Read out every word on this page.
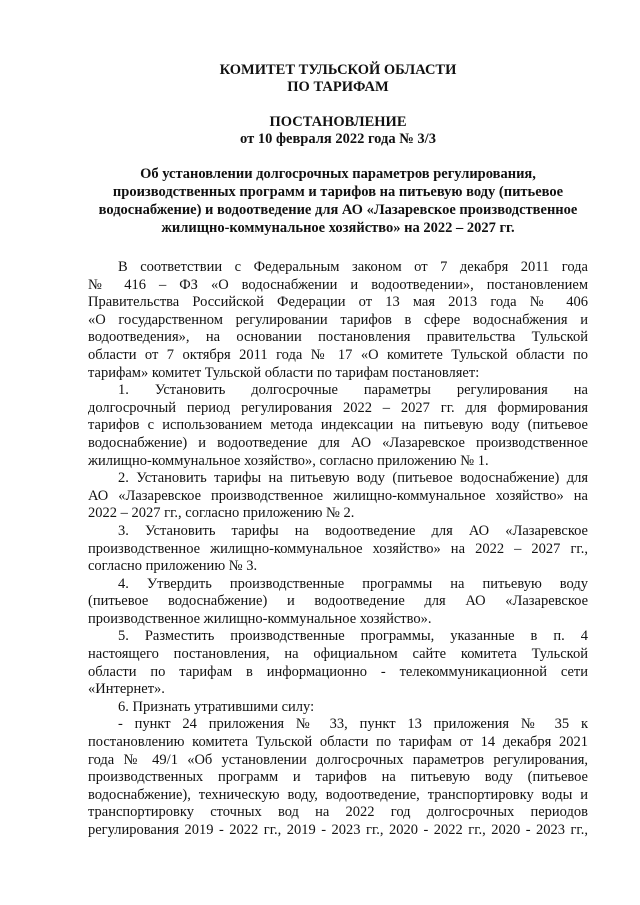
КОМИТЕТ ТУЛЬСКОЙ ОБЛАСТИ
ПО ТАРИФАМ
ПОСТАНОВЛЕНИЕ
от 10 февраля 2022 года № 3/3
Об установлении долгосрочных параметров регулирования,
производственных программ и тарифов на питьевую воду (питьевое
водоснабжение) и водоотведение для АО «Лазаревское производственное
жилищно-коммунальное хозяйство» на 2022 – 2027 гг.
В соответствии с Федеральным законом от 7 декабря 2011 года
№ 416 – ФЗ «О водоснабжении и водоотведении», постановлением
Правительства Российской Федерации от 13 мая 2013 года № 406
«О государственном регулировании тарифов в сфере водоснабжения и
водоотведения», на основании постановления правительства Тульской
области от 7 октября 2011 года № 17 «О комитете Тульской области по
тарифам» комитет Тульской области по тарифам постановляет:
1. Установить долгосрочные параметры регулирования на
долгосрочный период регулирования 2022 – 2027 гг. для формирования
тарифов с использованием метода индексации на питьевую воду (питьевое
водоснабжение) и водоотведение для АО «Лазаревское производственное
жилищно-коммунальное хозяйство», согласно приложению № 1.
2. Установить тарифы на питьевую воду (питьевое водоснабжение) для
АО «Лазаревское производственное жилищно-коммунальное хозяйство» на
2022 – 2027 гг., согласно приложению № 2.
3. Установить тарифы на водоотведение для АО «Лазаревское
производственное жилищно-коммунальное хозяйство» на 2022 – 2027 гг.,
согласно приложению № 3.
4. Утвердить производственные программы на питьевую воду
(питьевое водоснабжение) и водоотведение для АО «Лазаревское
производственное жилищно-коммунальное хозяйство».
5. Разместить производственные программы, указанные в п. 4
настоящего постановления, на официальном сайте комитета Тульской
области по тарифам в информационно - телекоммуникационной сети
«Интернет».
6. Признать утратившими силу:
- пункт 24 приложения № 33, пункт 13 приложения № 35 к
постановлению комитета Тульской области по тарифам от 14 декабря 2021
года № 49/1 «Об установлении долгосрочных параметров регулирования,
производственных программ и тарифов на питьевую воду (питьевое
водоснабжение), техническую воду, водоотведение, транспортировку воды и
транспортировку сточных вод на 2022 год долгосрочных периодов
регулирования 2019 - 2022 гг., 2019 - 2023 гг., 2020 - 2022 гг., 2020 - 2023 гг.,
